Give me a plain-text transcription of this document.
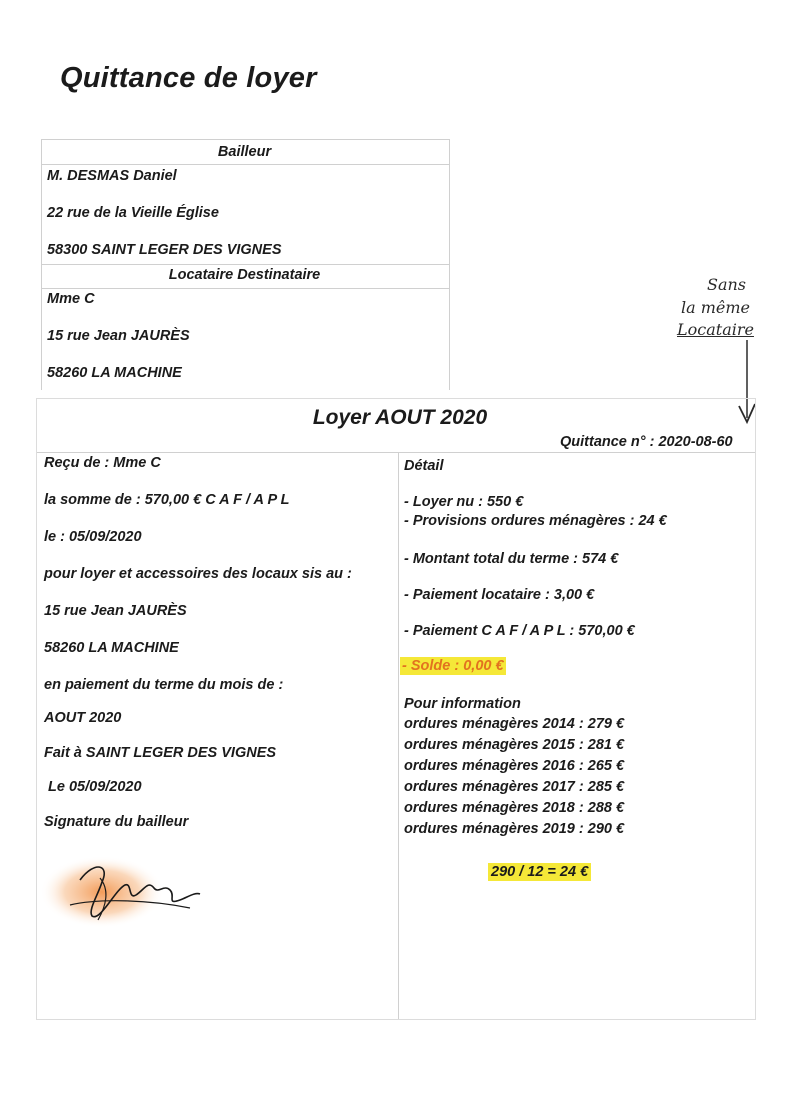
Quittance de loyer
Bailleur
M. DESMAS Daniel
22 rue de la Vieille Église
58300 SAINT LEGER DES VIGNES
Locataire Destinataire
Mme C
15 rue Jean JAURÈS
58260 LA MACHINE
Sans
la même
Locataire
Loyer AOUT 2020
Quittance n° : 2020-08-60
Reçu de : Mme C
la somme de : 570,00 € C A F / A P L
le : 05/09/2020
pour loyer et accessoires des locaux sis au :
15 rue Jean JAURÈS
58260 LA MACHINE
en paiement du terme du mois de :
AOUT 2020
Fait à SAINT LEGER DES VIGNES
Le 05/09/2020
Signature du bailleur
Détail
- Loyer nu : 550 €
- Provisions ordures ménagères : 24 €
- Montant total du terme : 574 €
- Paiement locataire : 3,00 €
- Paiement C A F / A P L : 570,00 €
- Solde : 0,00 €
Pour information
ordures ménagères 2014 : 279 €
ordures ménagères 2015 : 281 €
ordures ménagères 2016 : 265 €
ordures ménagères 2017 : 285 €
ordures ménagères 2018 : 288 €
ordures ménagères 2019 : 290 €
290 / 12 = 24 €
